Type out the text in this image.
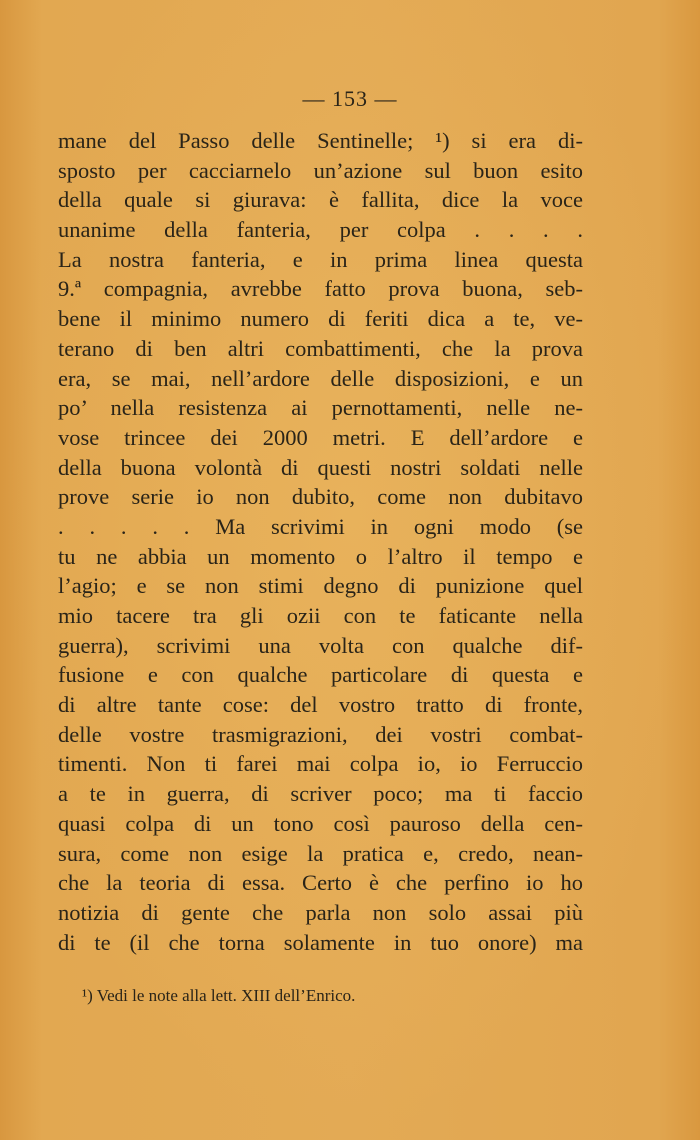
— 153 —
mane del Passo delle Sentinelle; ¹) si era di-
sposto per cacciarnelo un’azione sul buon esito
della quale si giurava: è fallita, dice la voce
unanime della fanteria, per colpa . . . .
La nostra fanteria, e in prima linea questa
9.ª compagnia, avrebbe fatto prova buona, seb-
bene il minimo numero di feriti dica a te, ve-
terano di ben altri combattimenti, che la prova
era, se mai, nell’ardore delle disposizioni, e un
po’ nella resistenza ai pernottamenti, nelle ne-
vose trincee dei 2000 metri. E dell’ardore e
della buona volontà di questi nostri soldati nelle
prove serie io non dubito, come non dubitavo
. . . . . Ma scrivimi in ogni modo (se
tu ne abbia un momento o l’altro il tempo e
l’agio; e se non stimi degno di punizione quel
mio tacere tra gli ozii con te faticante nella
guerra), scrivimi una volta con qualche dif-
fusione e con qualche particolare di questa e
di altre tante cose: del vostro tratto di fronte,
delle vostre trasmigrazioni, dei vostri combat-
timenti. Non ti farei mai colpa io, io Ferruccio
a te in guerra, di scriver poco; ma ti faccio
quasi colpa di un tono così pauroso della cen-
sura, come non esige la pratica e, credo, nean-
che la teoria di essa. Certo è che perfino io ho
notizia di gente che parla non solo assai più
di te (il che torna solamente in tuo onore) ma
¹) Vedi le note alla lett. XIII dell’Enrico.
